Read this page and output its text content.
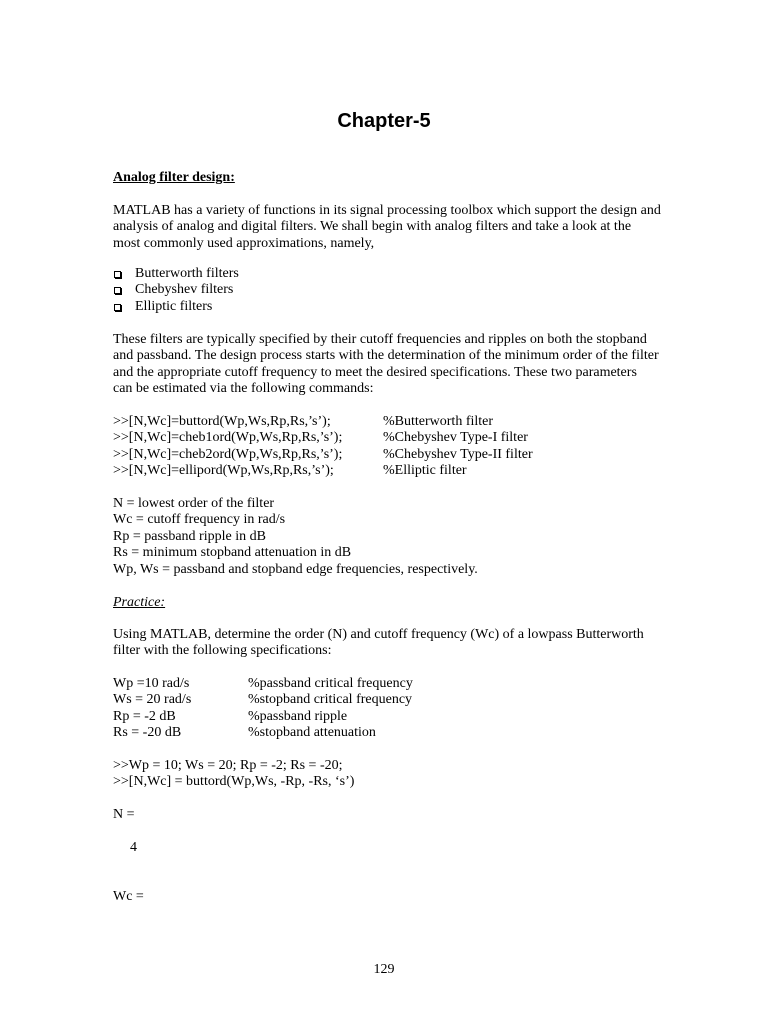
Chapter-5
Analog filter design:
MATLAB has a variety of functions in its signal processing toolbox which support the design and
analysis of analog and digital filters. We shall begin with analog filters and take a look at the
most commonly used approximations, namely,
Butterworth filters
Chebyshev filters
Elliptic filters
These filters are typically specified by their cutoff frequencies and ripples on both the stopband
and passband. The design process starts with the determination of the minimum order of the filter
and the appropriate cutoff frequency to meet the desired specifications. These two parameters
can be estimated via the following commands:
>>[N,Wc]=buttord(Wp,Ws,Rp,Rs,’s’);	%Butterworth filter
>>[N,Wc]=cheb1ord(Wp,Ws,Rp,Rs,’s’);	%Chebyshev Type-I filter
>>[N,Wc]=cheb2ord(Wp,Ws,Rp,Rs,’s’);	%Chebyshev Type-II filter
>>[N,Wc]=ellipord(Wp,Ws,Rp,Rs,’s’);	%Elliptic filter
N = lowest order of the filter
Wc = cutoff frequency in rad/s
Rp = passband ripple in dB
Rs = minimum stopband attenuation in dB
Wp, Ws = passband and stopband edge frequencies, respectively.
Practice:
Using MATLAB, determine the order (N) and cutoff frequency (Wc) of a lowpass Butterworth
filter with the following specifications:
Wp =10 rad/s	%passband critical frequency
Ws = 20 rad/s	%stopband critical frequency
Rp = -2 dB	%passband ripple
Rs = -20 dB	%stopband attenuation
>>Wp = 10; Ws = 20; Rp = -2; Rs = -20;
>>[N,Wc] = buttord(Wp,Ws, -Rp, -Rs, ‘s’)
N =
4
Wc =
129
